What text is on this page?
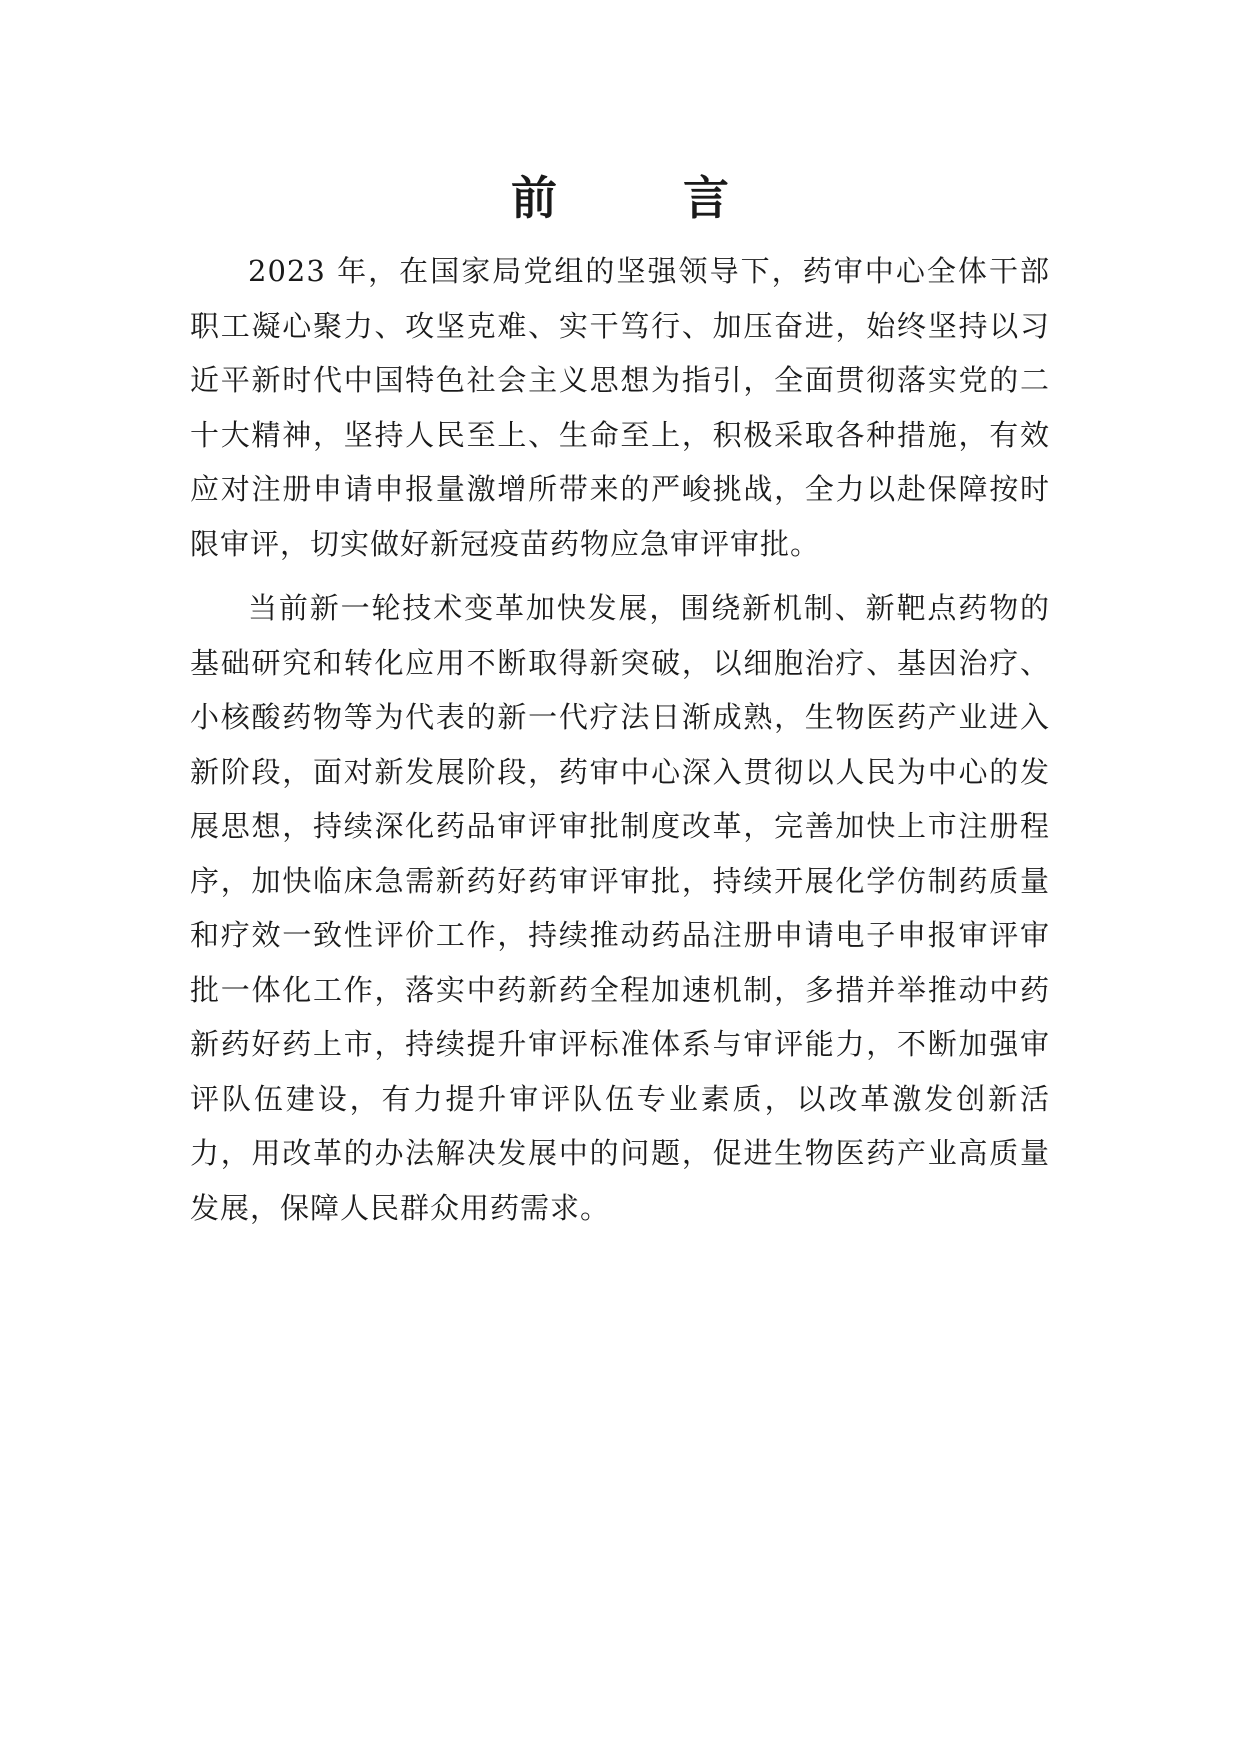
前　言

2023 年，在国家局党组的坚强领导下，药审中心全体干部职工凝心聚力、攻坚克难、实干笃行、加压奋进，始终坚持以习近平新时代中国特色社会主义思想为指引，全面贯彻落实党的二十大精神，坚持人民至上、生命至上，积极采取各种措施，有效应对注册申请申报量激增所带来的严峻挑战，全力以赴保障按时限审评，切实做好新冠疫苗药物应急审评审批。

当前新一轮技术变革加快发展，围绕新机制、新靶点药物的基础研究和转化应用不断取得新突破，以细胞治疗、基因治疗、小核酸药物等为代表的新一代疗法日渐成熟，生物医药产业进入新阶段，面对新发展阶段，药审中心深入贯彻以人民为中心的发展思想，持续深化药品审评审批制度改革，完善加快上市注册程序，加快临床急需新药好药审评审批，持续开展化学仿制药质量和疗效一致性评价工作，持续推动药品注册申请电子申报审评审批一体化工作，落实中药新药全程加速机制，多措并举推动中药新药好药上市，持续提升审评标准体系与审评能力，不断加强审评队伍建设，有力提升审评队伍专业素质，以改革激发创新活力，用改革的办法解决发展中的问题，促进生物医药产业高质量发展，保障人民群众用药需求。
